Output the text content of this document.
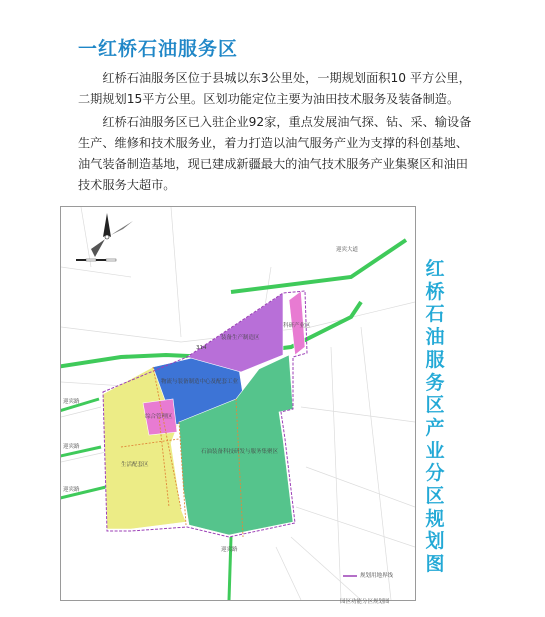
一红桥石油服务区

红桥石油服务区位于县城以东3公里处，一期规划面积10 平方公里，二期规划15平方公里。区划功能定位主要为油田技术服务及装备制造。

红桥石油服务区已入驻企业92家，重点发展油气探、钻、采、输设备生产、维修和技术服务业，着力打造以油气服务产业为支撑的科创基地、油气装备制造基地，现已建成新疆最大的油气技术服务产业集聚区和油田技术服务大超市。

迎宾大道
314
迎宾路
迎宾路
迎宾路
迎宾路
装备生产制造区
科研产业区
物流与装备制造中心及配套工业
综合管理区
生活配套区
石油装备科技研发与服务集聚区
规划用地界线
红
桥
石
油
服
务
区
产
业
分
区
规
划
图
园区功能分区规划图
